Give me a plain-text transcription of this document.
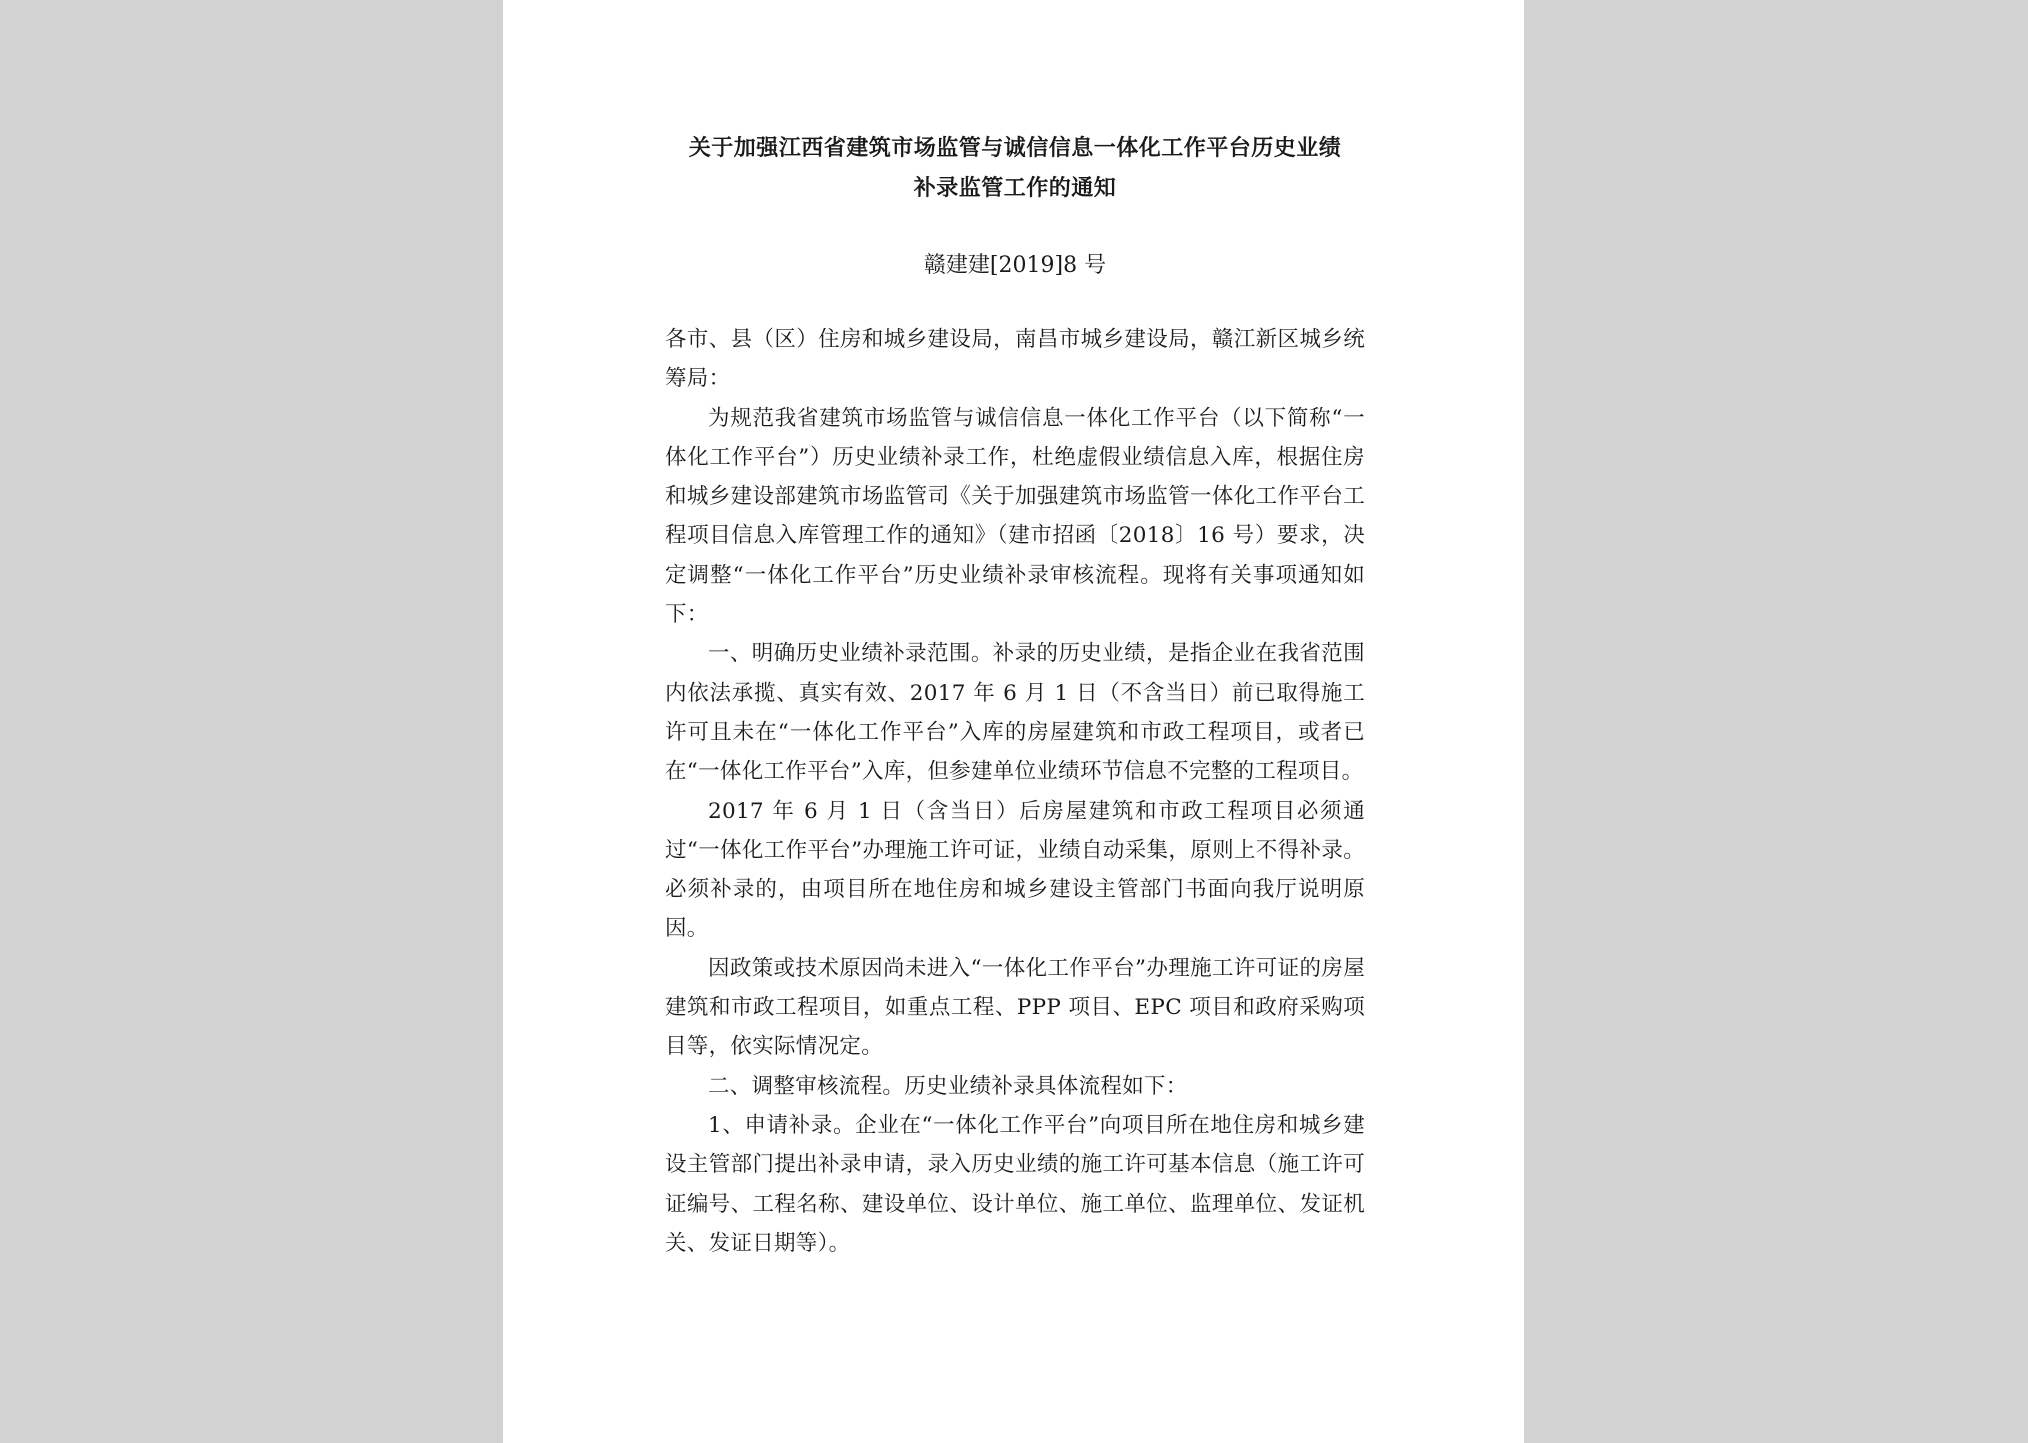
关于加强江西省建筑市场监管与诚信信息一体化工作平台历史业绩

补录监管工作的通知

赣建建[2019]8 号

各市、县（区）住房和城乡建设局，南昌市城乡建设局，赣江新区城乡统筹局：

为规范我省建筑市场监管与诚信信息一体化工作平台（以下简称“一体化工作平台”）历史业绩补录工作，杜绝虚假业绩信息入库，根据住房和城乡建设部建筑市场监管司《关于加强建筑市场监管一体化工作平台工程项目信息入库管理工作的通知》（建市招函〔2018〕16 号）要求，决定调整“一体化工作平台”历史业绩补录审核流程。现将有关事项通知如下：

一、明确历史业绩补录范围。补录的历史业绩，是指企业在我省范围内依法承揽、真实有效、2017 年 6 月 1 日（不含当日）前已取得施工许可且未在“一体化工作平台”入库的房屋建筑和市政工程项目，或者已在“一体化工作平台”入库，但参建单位业绩环节信息不完整的工程项目。

2017 年 6 月 1 日（含当日）后房屋建筑和市政工程项目必须通过“一体化工作平台”办理施工许可证，业绩自动采集，原则上不得补录。必须补录的，由项目所在地住房和城乡建设主管部门书面向我厅说明原因。

因政策或技术原因尚未进入“一体化工作平台”办理施工许可证的房屋建筑和市政工程项目，如重点工程、PPP 项目、EPC 项目和政府采购项目等，依实际情况定。

二、调整审核流程。历史业绩补录具体流程如下：

1、申请补录。企业在“一体化工作平台”向项目所在地住房和城乡建设主管部门提出补录申请，录入历史业绩的施工许可基本信息（施工许可证编号、工程名称、建设单位、设计单位、施工单位、监理单位、发证机关、发证日期等）。
